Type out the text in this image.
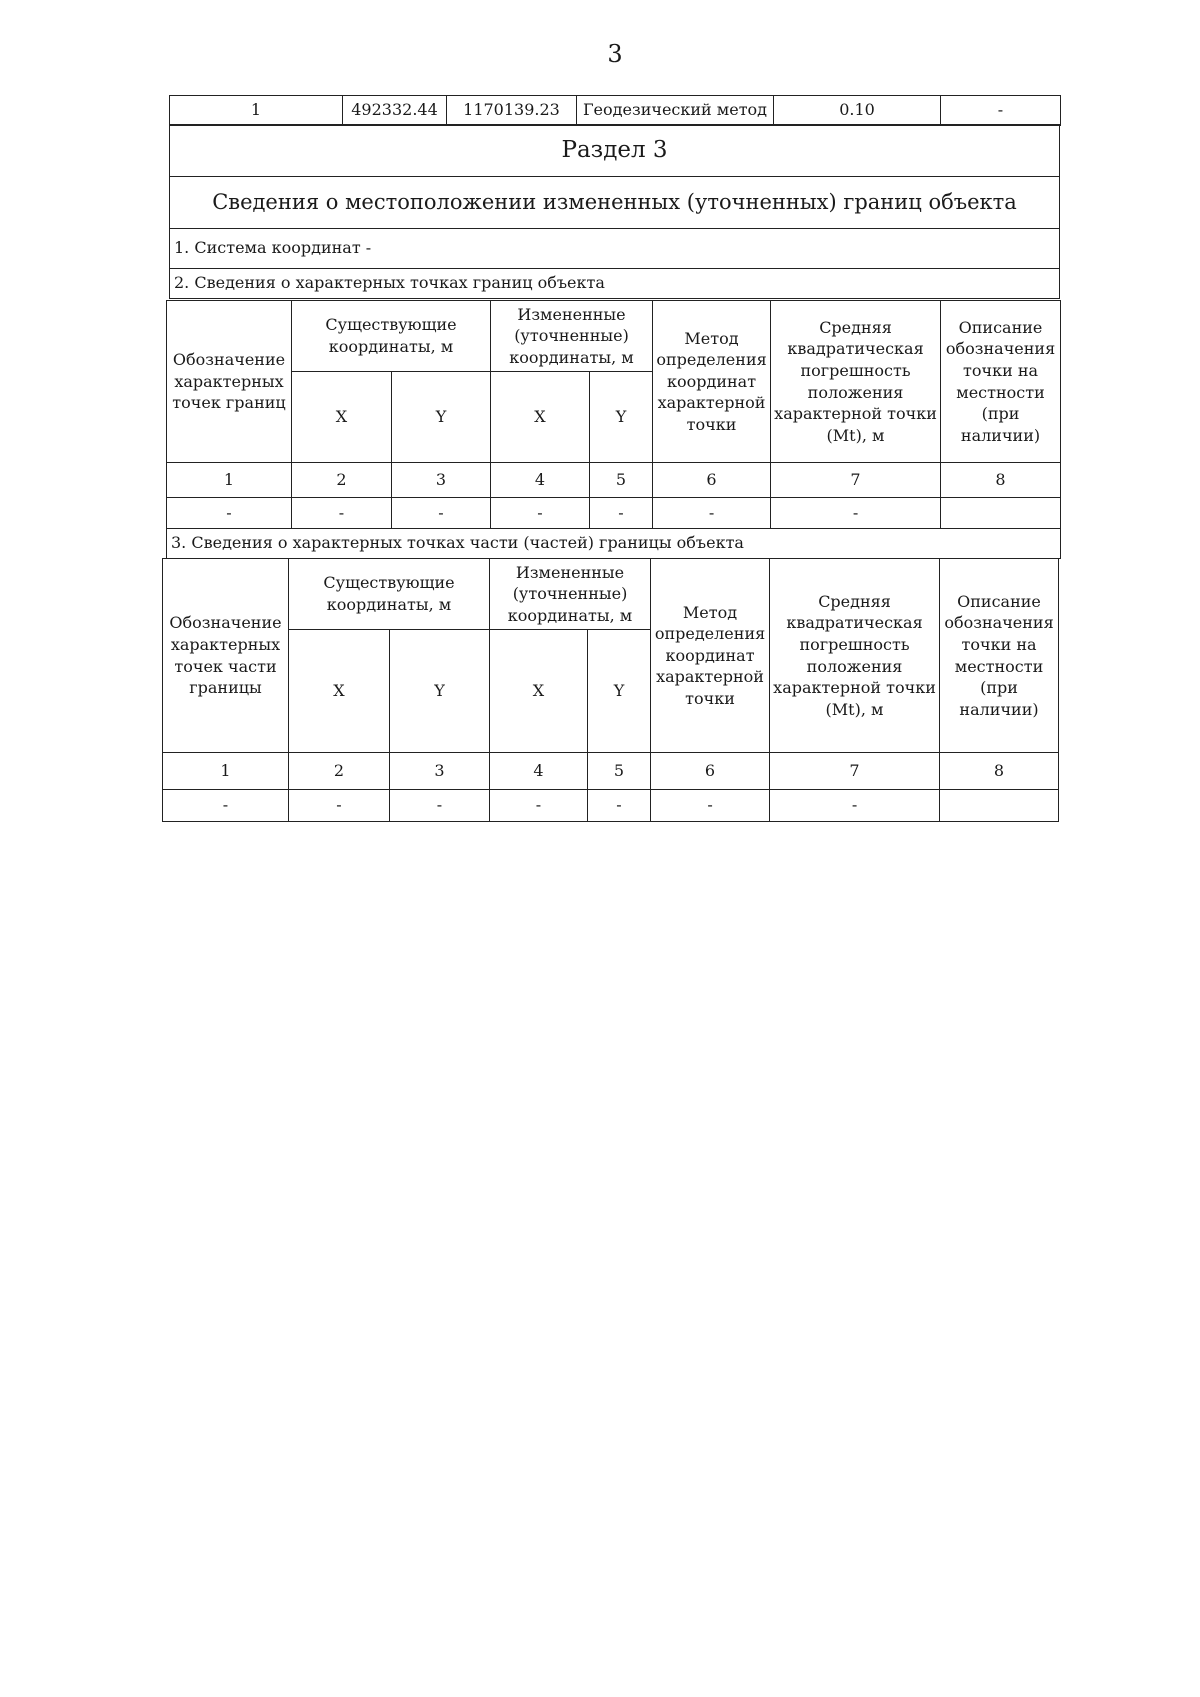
3
1	492332.44	1170139.23	Геодезический метод	0.10	-
Раздел 3
Сведения о местоположении измененных (уточненных) границ объекта
1. Система координат -
2. Сведения о характерных точках границ объекта
Обозначение характерных точек границ	Существующие координаты, м		Измененные (уточненные) координаты, м		Метод определения координат характерной точки	Средняя квадратическая погрешность положения характерной точки (Mt), м	Описание обозначения точки на местности (при наличии)
	X	Y	X	Y			
1	2	3	4	5	6	7	8
-	-	-	-	-	-	-	
3. Сведения о характерных точках части (частей) границы объекта							
Обозначение характерных точек части границы	Существующие координаты, м		Измененные (уточненные) координаты, м		Метод определения координат характерной точки	Средняя квадратическая погрешность положения характерной точки (Mt), м	Описание обозначения точки на местности (при наличии)
	X	Y	X	Y			
1	2	3	4	5	6	7	8
-	-	-	-	-	-	-	
